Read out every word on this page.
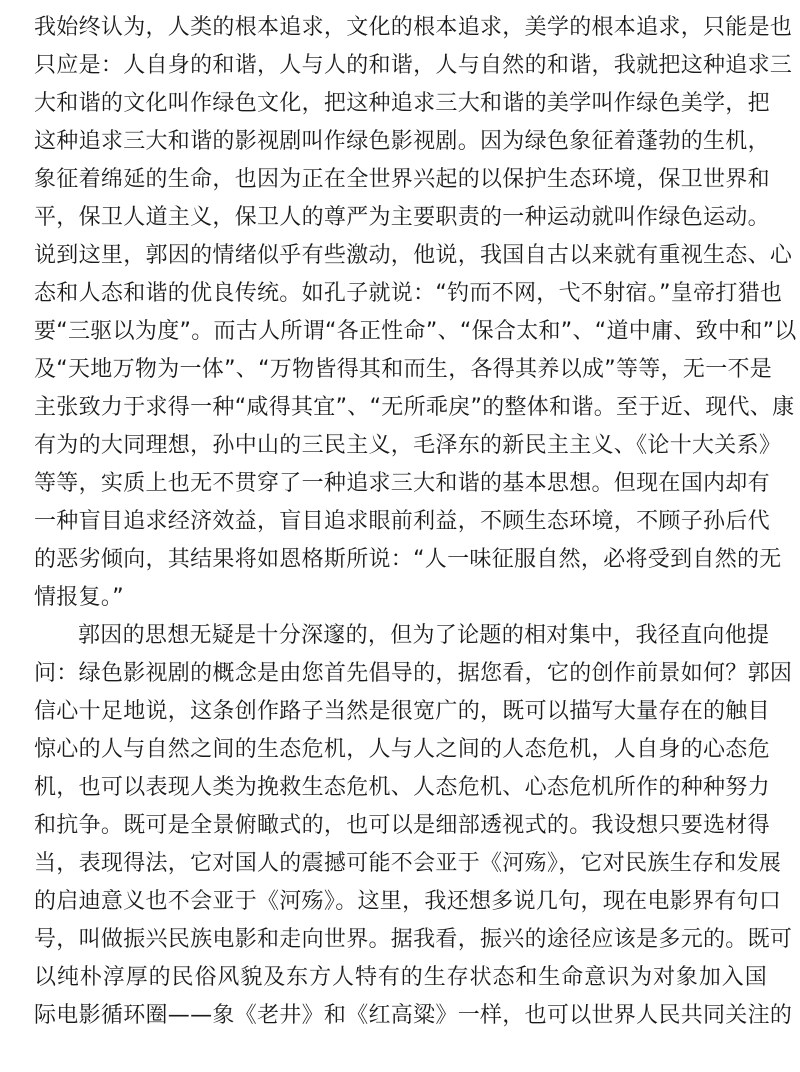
我始终认为，人类的根本追求，文化的根本追求，美学的根本追求，只能是也
只应是：人自身的和谐，人与人的和谐，人与自然的和谐，我就把这种追求三
大和谐的文化叫作绿色文化，把这种追求三大和谐的美学叫作绿色美学，把
这种追求三大和谐的影视剧叫作绿色影视剧。因为绿色象征着蓬勃的生机，
象征着绵延的生命，也因为正在全世界兴起的以保护生态环境，保卫世界和
平，保卫人道主义，保卫人的尊严为主要职责的一种运动就叫作绿色运动。
说到这里，郭因的情绪似乎有些激动，他说，我国自古以来就有重视生态、心
态和人态和谐的优良传统。如孔子就说：“钓而不网，弋不射宿。”皇帝打猎也
要“三驱以为度”。而古人所谓“各正性命”、“保合太和”、“道中庸、致中和”以
及“天地万物为一体”、“万物皆得其和而生，各得其养以成”等等，无一不是
主张致力于求得一种“咸得其宜”、“无所乖戾”的整体和谐。至于近、现代、康
有为的大同理想，孙中山的三民主义，毛泽东的新民主主义、《论十大关系》
等等，实质上也无不贯穿了一种追求三大和谐的基本思想。但现在国内却有
一种盲目追求经济效益，盲目追求眼前利益，不顾生态环境，不顾子孙后代
的恶劣倾向，其结果将如恩格斯所说：“人一味征服自然，必将受到自然的无
情报复。”
郭因的思想无疑是十分深邃的，但为了论题的相对集中，我径直向他提
问：绿色影视剧的概念是由您首先倡导的，据您看，它的创作前景如何？郭因
信心十足地说，这条创作路子当然是很宽广的，既可以描写大量存在的触目
惊心的人与自然之间的生态危机，人与人之间的人态危机，人自身的心态危
机，也可以表现人类为挽救生态危机、人态危机、心态危机所作的种种努力
和抗争。既可是全景俯瞰式的，也可以是细部透视式的。我设想只要选材得
当，表现得法，它对国人的震撼可能不会亚于《河殇》，它对民族生存和发展
的启迪意义也不会亚于《河殇》。这里，我还想多说几句，现在电影界有句口
号，叫做振兴民族电影和走向世界。据我看，振兴的途径应该是多元的。既可
以纯朴淳厚的民俗风貌及东方人特有的生存状态和生命意识为对象加入国
际电影循环圈——象《老井》和《红高粱》一样，也可以世界人民共同关注的
